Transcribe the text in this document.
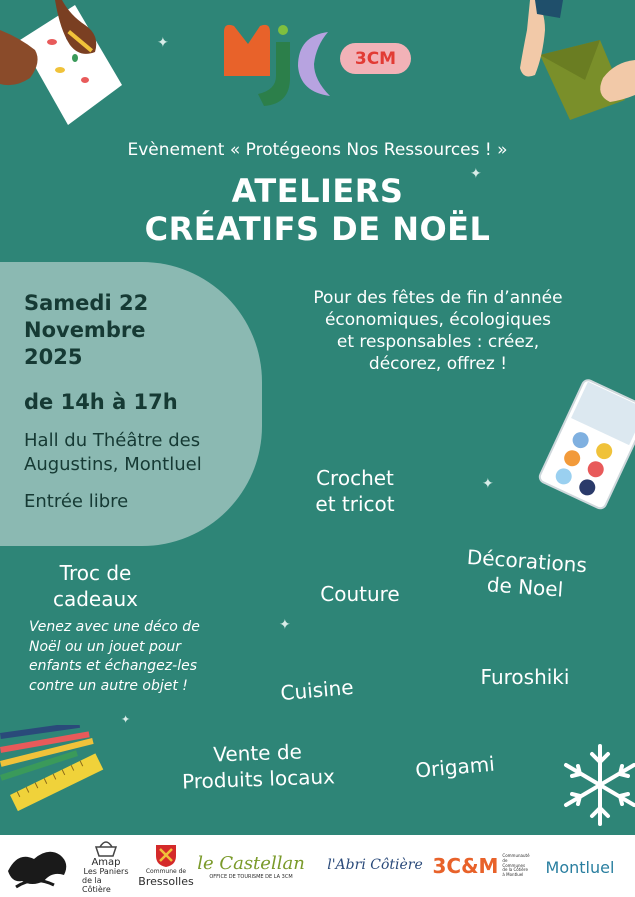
✦
✦
✦
✦
✦
3CM
Evènement « Protégeons Nos Ressources ! »
ATELIERS
CRÉATIFS DE NOËL
Samedi 22
Novembre
2025
de 14h à 17h
Hall du Théâtre des
Augustins, Montluel
Entrée libre
Pour des fêtes de fin d’année
économiques, écologiques
et responsables : créez,
décorez, offrez !
Crochet
et tricot
Décorations
de Noel
Couture
Furoshiki
Cuisine
Origami
Vente de
Produits locaux
Troc de
cadeaux
Venez avec une déco de
Noël ou un jouet pour
enfants et échangez-les
contre un autre objet !
Amap
Les Paniers
de la Côtière
Commune de
Bressolles
le Castellan
OFFICE DE TOURISME DE LA 3CM
l'Abri Côtière 3C&M Communauté de Communes de la Côtière à Montluel	Montluel
